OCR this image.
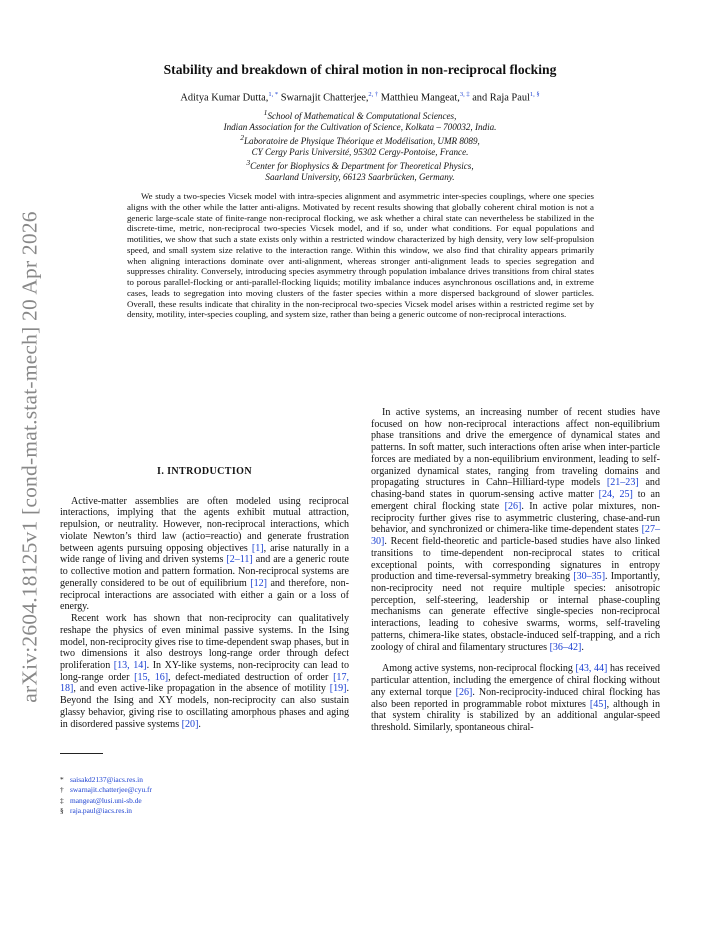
arXiv:2604.18125v1 [cond-mat.stat-mech] 20 Apr 2026
Stability and breakdown of chiral motion in non-reciprocal flocking
Aditya Kumar Dutta,$^{1, *}$ Swarnajit Chatterjee,$^{2, \dagger}$ Matthieu Mangeat,$^{3, \ddagger}$ and Raja Paul$^{1, \S}$
$^1$School of Mathematical & Computational Sciences,
Indian Association for the Cultivation of Science, Kolkata – 700032, India.
$^2$Laboratoire de Physique Théorique et Modélisation, UMR 8089,
CY Cergy Paris Université, 95302 Cergy-Pontoise, France.
$^3$Center for Biophysics & Department for Theoretical Physics,
Saarland University, 66123 Saarbrücken, Germany.
We study a two-species Vicsek model with intra-species alignment and asymmetric inter-species couplings, where one species aligns with the other while the latter anti-aligns. Motivated by recent results showing that globally coherent chiral motion is not a generic large-scale state of finite-range non-reciprocal flocking, we ask whether a chiral state can nevertheless be stabilized in the discrete-time, metric, non-reciprocal two-species Vicsek model, and if so, under what conditions. For equal populations and motilities, we show that such a state exists only within a restricted window characterized by high density, very low self-propulsion speed, and small system size relative to the interaction range. Within this window, we also find that chirality appears primarily when aligning interactions dominate over anti-alignment, whereas stronger anti-alignment leads to species segregation and suppresses chirality. Conversely, introducing species asymmetry through population imbalance drives transitions from chiral states to porous parallel-flocking or anti-parallel-flocking liquids; motility imbalance induces asynchronous oscillations and, in extreme cases, leads to segregation into moving clusters of the faster species within a more dispersed background of slower particles. Overall, these results indicate that chirality in the non-reciprocal two-species Vicsek model arises within a restricted regime set by density, motility, inter-species coupling, and system size, rather than being a generic outcome of non-reciprocal interactions.
I. INTRODUCTION

Active-matter assemblies are often modeled using reciprocal interactions, implying that the agents exhibit mutual attraction, repulsion, or neutrality. However, non-reciprocal interactions, which violate Newton’s third law (actio=reactio) and generate frustration between agents pursuing opposing objectives [1], arise naturally in a wide range of living and driven systems [2–11] and are a generic route to collective motion and pattern formation. Non-reciprocal systems are generally considered to be out of equilibrium [12] and therefore, non-reciprocal interactions are associated with either a gain or a loss of energy.

Recent work has shown that non-reciprocity can qualitatively reshape the physics of even minimal passive systems. In the Ising model, non-reciprocity gives rise to time-dependent swap phases, but in two dimensions it also destroys long-range order through defect proliferation [13, 14]. In XY-like systems, non-reciprocity can lead to long-range order [15, 16], defect-mediated destruction of order [17, 18], and even active-like propagation in the absence of motility [19]. Beyond the Ising and XY models, non-reciprocity can also sustain glassy behavior, giving rise to oscillating amorphous phases and aging in disordered passive systems [20].

In active systems, an increasing number of recent studies have focused on how non-reciprocal interactions affect non-equilibrium phase transitions and drive the emergence of dynamical states and patterns. In soft matter, such interactions often arise when inter-particle forces are mediated by a non-equilibrium environment, leading to self-organized dynamical states, ranging from traveling domains and propagating structures in Cahn–Hilliard-type models [21–23] and chasing-band states in quorum-sensing active matter [24, 25] to an emergent chiral flocking state [26]. In active polar mixtures, non-reciprocity further gives rise to asymmetric clustering, chase-and-run behavior, and synchronized or chimera-like time-dependent states [27–30]. Recent field-theoretic and particle-based studies have also linked transitions to time-dependent non-reciprocal states to critical exceptional points, with corresponding signatures in entropy production and time-reversal-symmetry breaking [30–35]. Importantly, non-reciprocity need not require multiple species: anisotropic perception, self-steering, leadership or internal phase-coupling mechanisms can generate effective single-species non-reciprocal interactions, leading to cohesive swarms, worms, self-traveling patterns, chimera-like states, obstacle-induced self-trapping, and a rich zoology of chiral and filamentary structures [36–42].

Among active systems, non-reciprocal flocking [43, 44] has received particular attention, including the emergence of chiral flocking without any external torque [26]. Non-reciprocity-induced chiral flocking has also been reported in programmable robot mixtures [45], although in that system chirality is stabilized by an additional angular-speed threshold. Similarly, spontaneous chiral-

* saisakd2137@iacs.res.in
† swarnajit.chatterjee@cyu.fr
‡ mangeat@lusi.uni-sb.de
§ raja.paul@iacs.res.in
